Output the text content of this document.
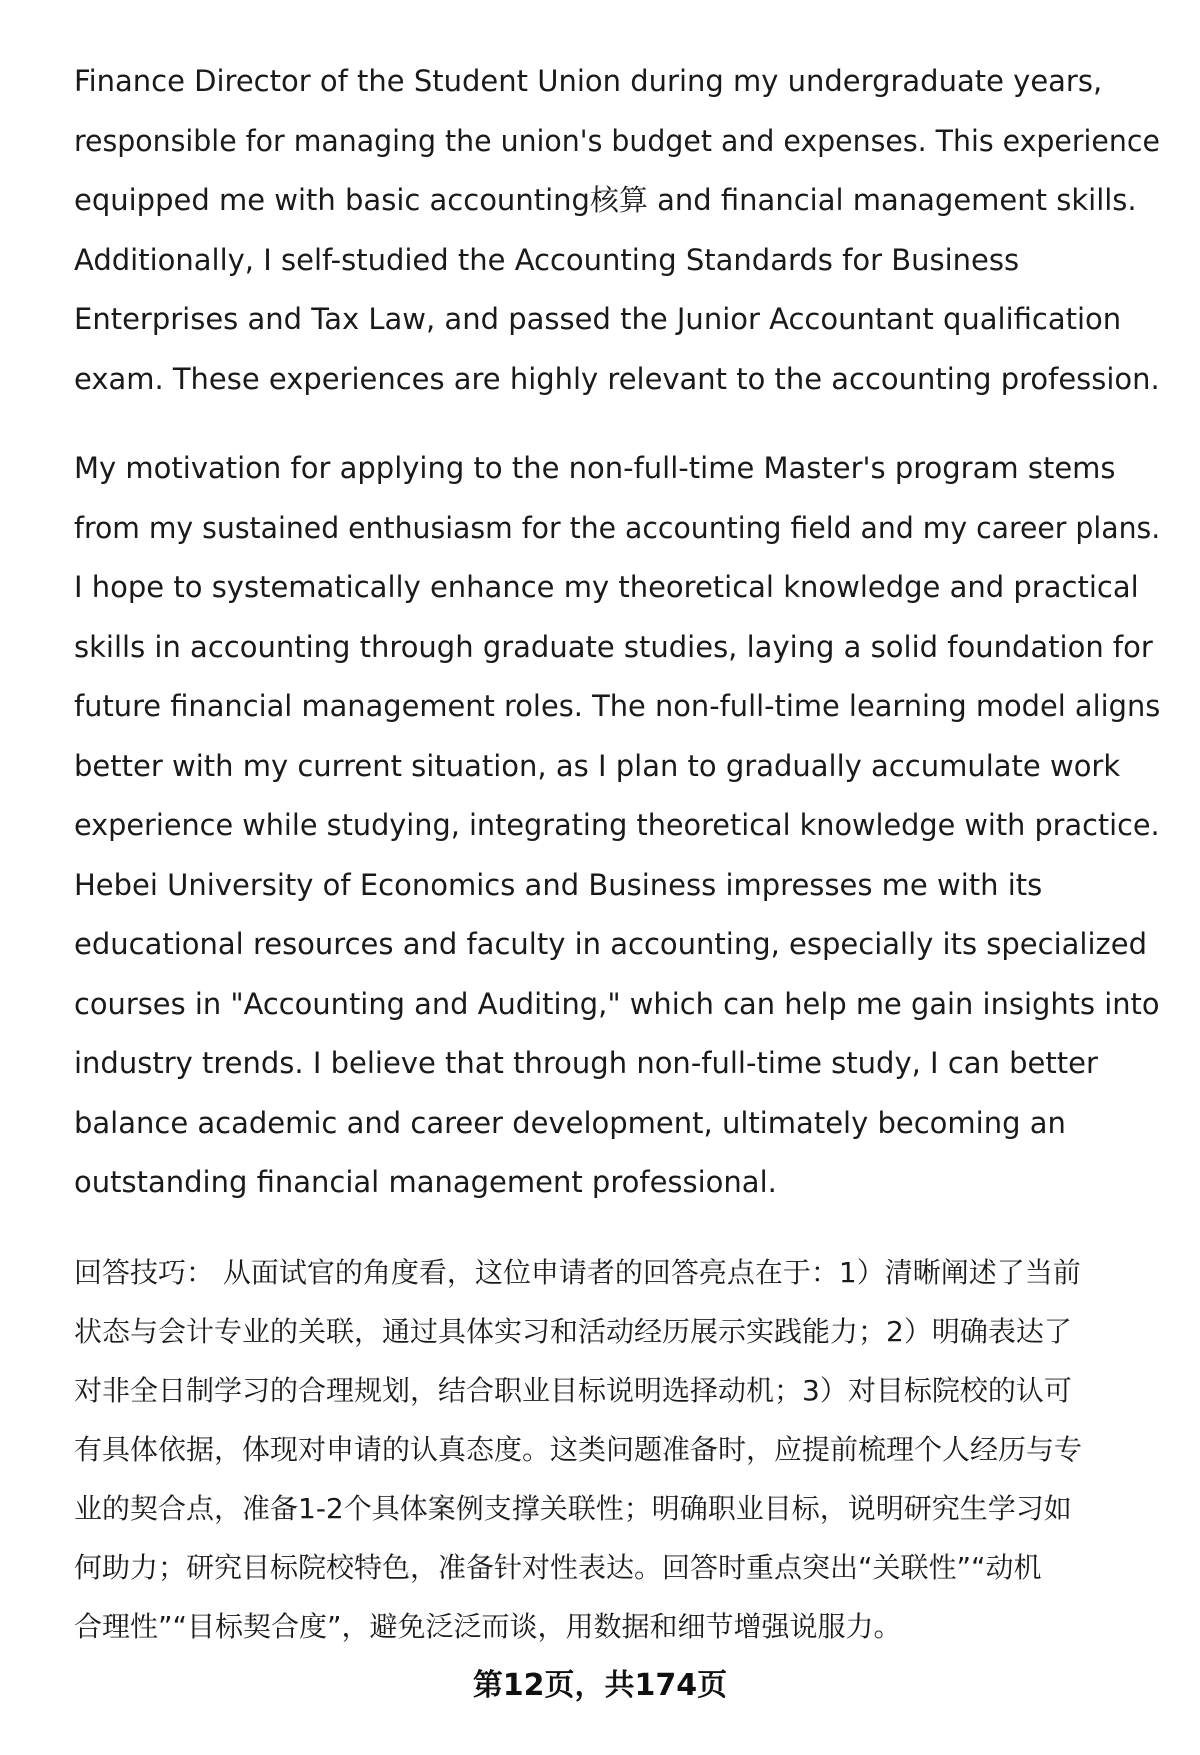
Finance Director of the Student Union during my undergraduate years,
responsible for managing the union's budget and expenses. This experience
equipped me with basic accounting核算 and financial management skills.
Additionally, I self-studied the Accounting Standards for Business
Enterprises and Tax Law, and passed the Junior Accountant qualification
exam. These experiences are highly relevant to the accounting profession.

My motivation for applying to the non-full-time Master's program stems
from my sustained enthusiasm for the accounting field and my career plans.
I hope to systematically enhance my theoretical knowledge and practical
skills in accounting through graduate studies, laying a solid foundation for
future financial management roles. The non-full-time learning model aligns
better with my current situation, as I plan to gradually accumulate work
experience while studying, integrating theoretical knowledge with practice.
Hebei University of Economics and Business impresses me with its
educational resources and faculty in accounting, especially its specialized
courses in "Accounting and Auditing," which can help me gain insights into
industry trends. I believe that through non-full-time study, I can better
balance academic and career development, ultimately becoming an
outstanding financial management professional.

回答技巧： 从面试官的角度看，这位申请者的回答亮点在于：1）清晰阐述了当前
状态与会计专业的关联，通过具体实习和活动经历展示实践能力；2）明确表达了
对非全日制学习的合理规划，结合职业目标说明选择动机；3）对目标院校的认可
有具体依据，体现对申请的认真态度。这类问题准备时，应提前梳理个人经历与专
业的契合点，准备1-2个具体案例支撑关联性；明确职业目标，说明研究生学习如
何助力；研究目标院校特色，准备针对性表达。回答时重点突出“关联性”“动机
合理性”“目标契合度”，避免泛泛而谈，用数据和细节增强说服力。

第12页，共174页
